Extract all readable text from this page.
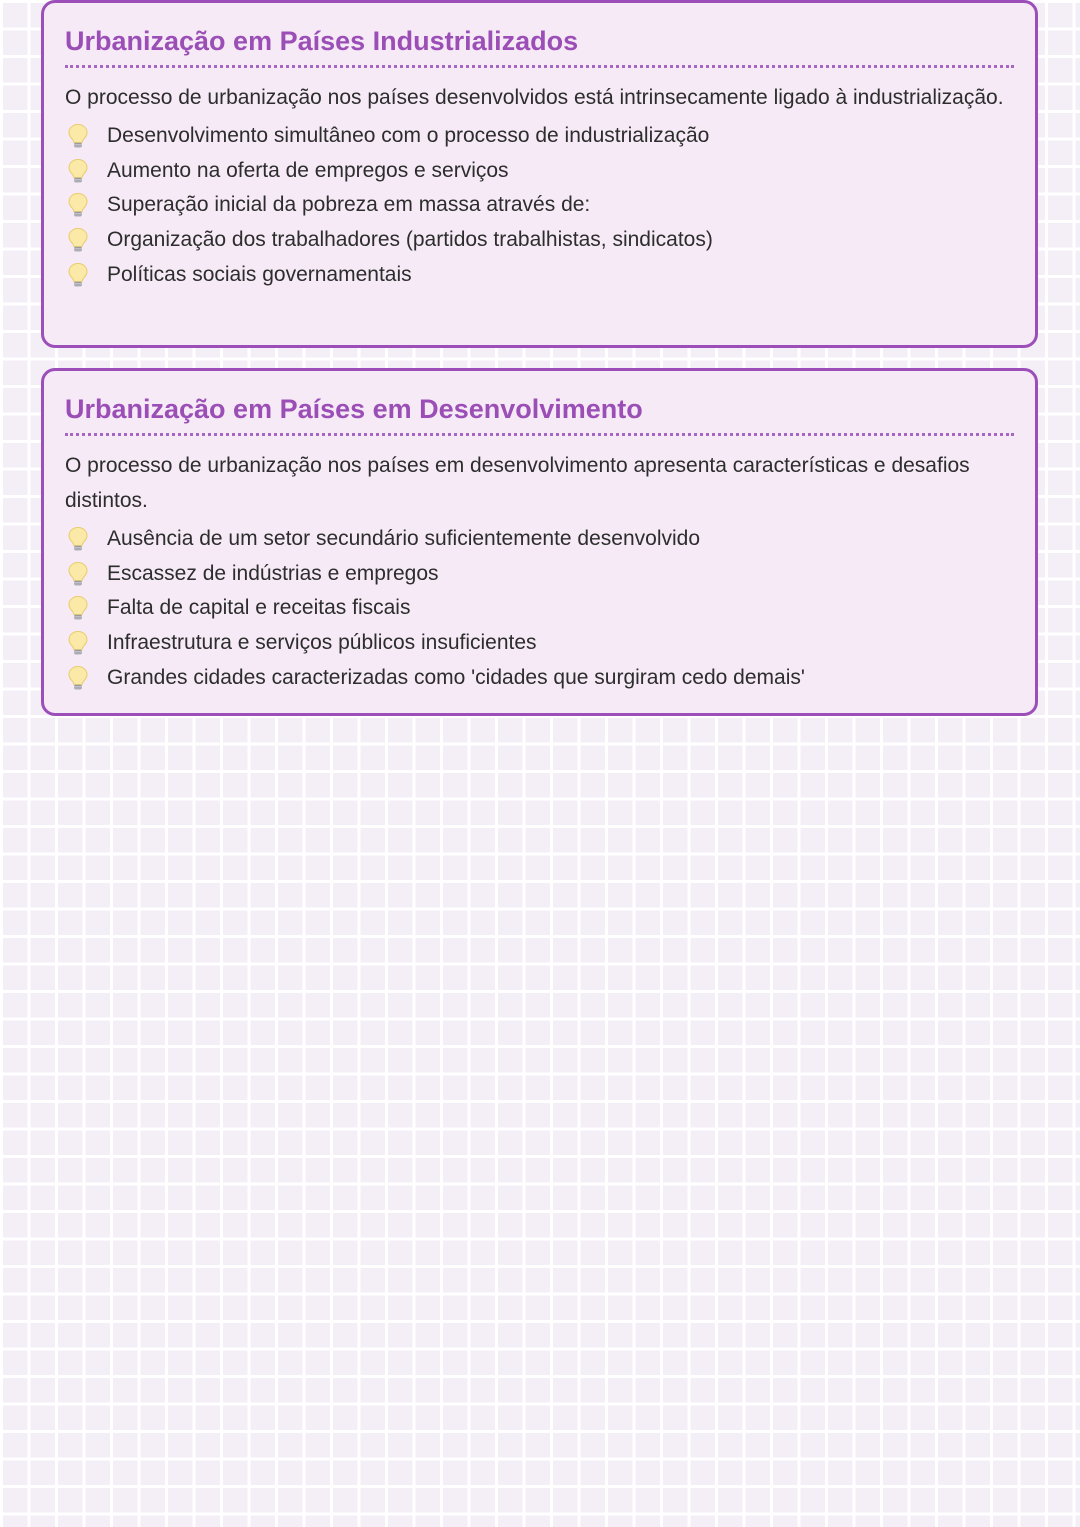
Urbanização em Países Industrializados

O processo de urbanização nos países desenvolvidos está intrinsecamente ligado à industrialização.

Desenvolvimento simultâneo com o processo de industrialização
Aumento na oferta de empregos e serviços
Superação inicial da pobreza em massa através de:
Organização dos trabalhadores (partidos trabalhistas, sindicatos)
Políticas sociais governamentais
Urbanização em Países em Desenvolvimento

O processo de urbanização nos países em desenvolvimento apresenta características e desafios distintos.

Ausência de um setor secundário suficientemente desenvolvido
Escassez de indústrias e empregos
Falta de capital e receitas fiscais
Infraestrutura e serviços públicos insuficientes
Grandes cidades caracterizadas como 'cidades que surgiram cedo demais'
